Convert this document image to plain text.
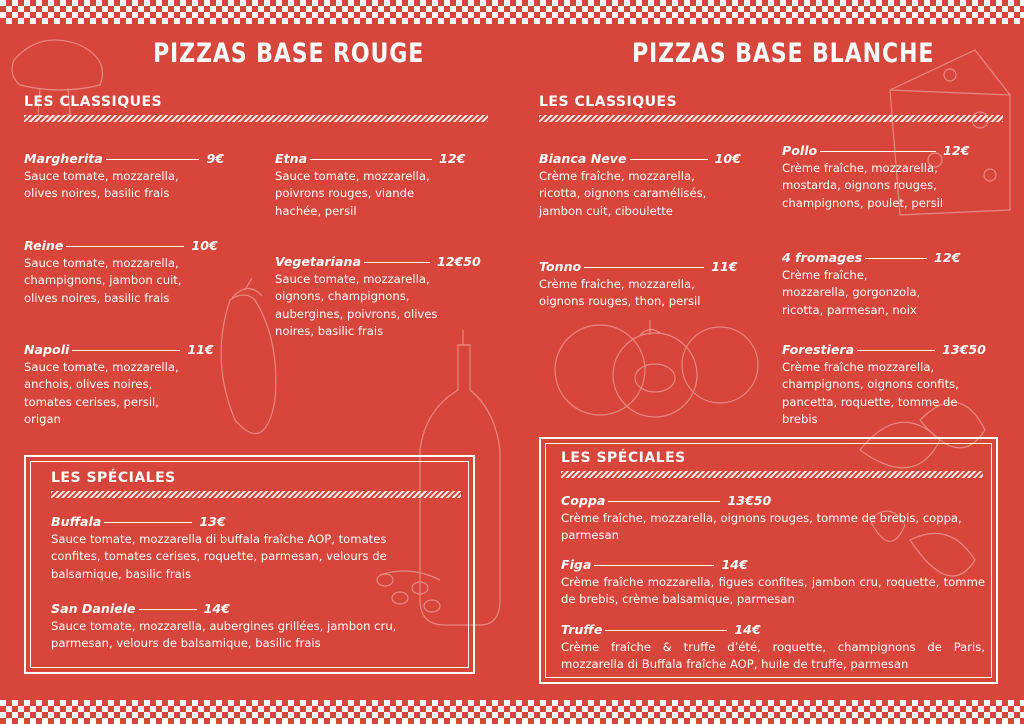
PIZZAS BASE ROUGE
LES CLASSIQUES
Margherita	9€

Sauce tomate, mozzarella, olives noires, basilic frais

Reine	10€

Sauce tomate, mozzarella, champignons, jambon cuit, olives noires, basilic frais

Napoli	11€

Sauce tomate, mozzarella, anchois, olives noires, tomates cerises, persil, origan

Etna	12€

Sauce tomate, mozzarella, poivrons rouges, viande hachée, persil

Vegetariana	12€50

Sauce tomate, mozzarella, oignons, champignons, aubergines, poivrons, olives noires, basilic frais

LES SPÉCIALES
Buffala	13€

Sauce tomate, mozzarella di buffala fraîche AOP, tomates confites, tomates cerises, roquette, parmesan, velours de balsamique, basilic frais

San Daniele	14€

Sauce tomate, mozzarella, aubergines grillées, jambon cru, parmesan, velours de balsamique, basilic frais

PIZZAS BASE BLANCHE
LES CLASSIQUES
Bianca Neve	10€

Crème fraîche, mozzarella, ricotta, oignons caramélisés, jambon cuit, ciboulette

Tonno	11€

Crème fraîche, mozzarella, oignons rouges, thon, persil

Pollo	12€

Crème fraîche, mozzarella, mostarda, oignons rouges, champignons, poulet, persil

4 fromages	12€

Crème fraîche, mozzarella, gorgonzola, ricotta, parmesan, noix

Forestiera	13€50

Crème fraîche mozzarella, champignons, oignons confits, pancetta, roquette, tomme de brebis

LES SPÉCIALES
Coppa	13€50

Crème fraîche, mozzarella, oignons rouges, tomme de brebis, coppa, parmesan

Figa	14€

Crème fraîche mozzarella, figues confites, jambon cru, roquette, tomme de brebis, crème balsamique, parmesan

Truffe	14€

Crème fraîche & truffe d’été, roquette, champignons de Paris, mozzarella di Buffala fraîche AOP, huile de truffe, parmesan
